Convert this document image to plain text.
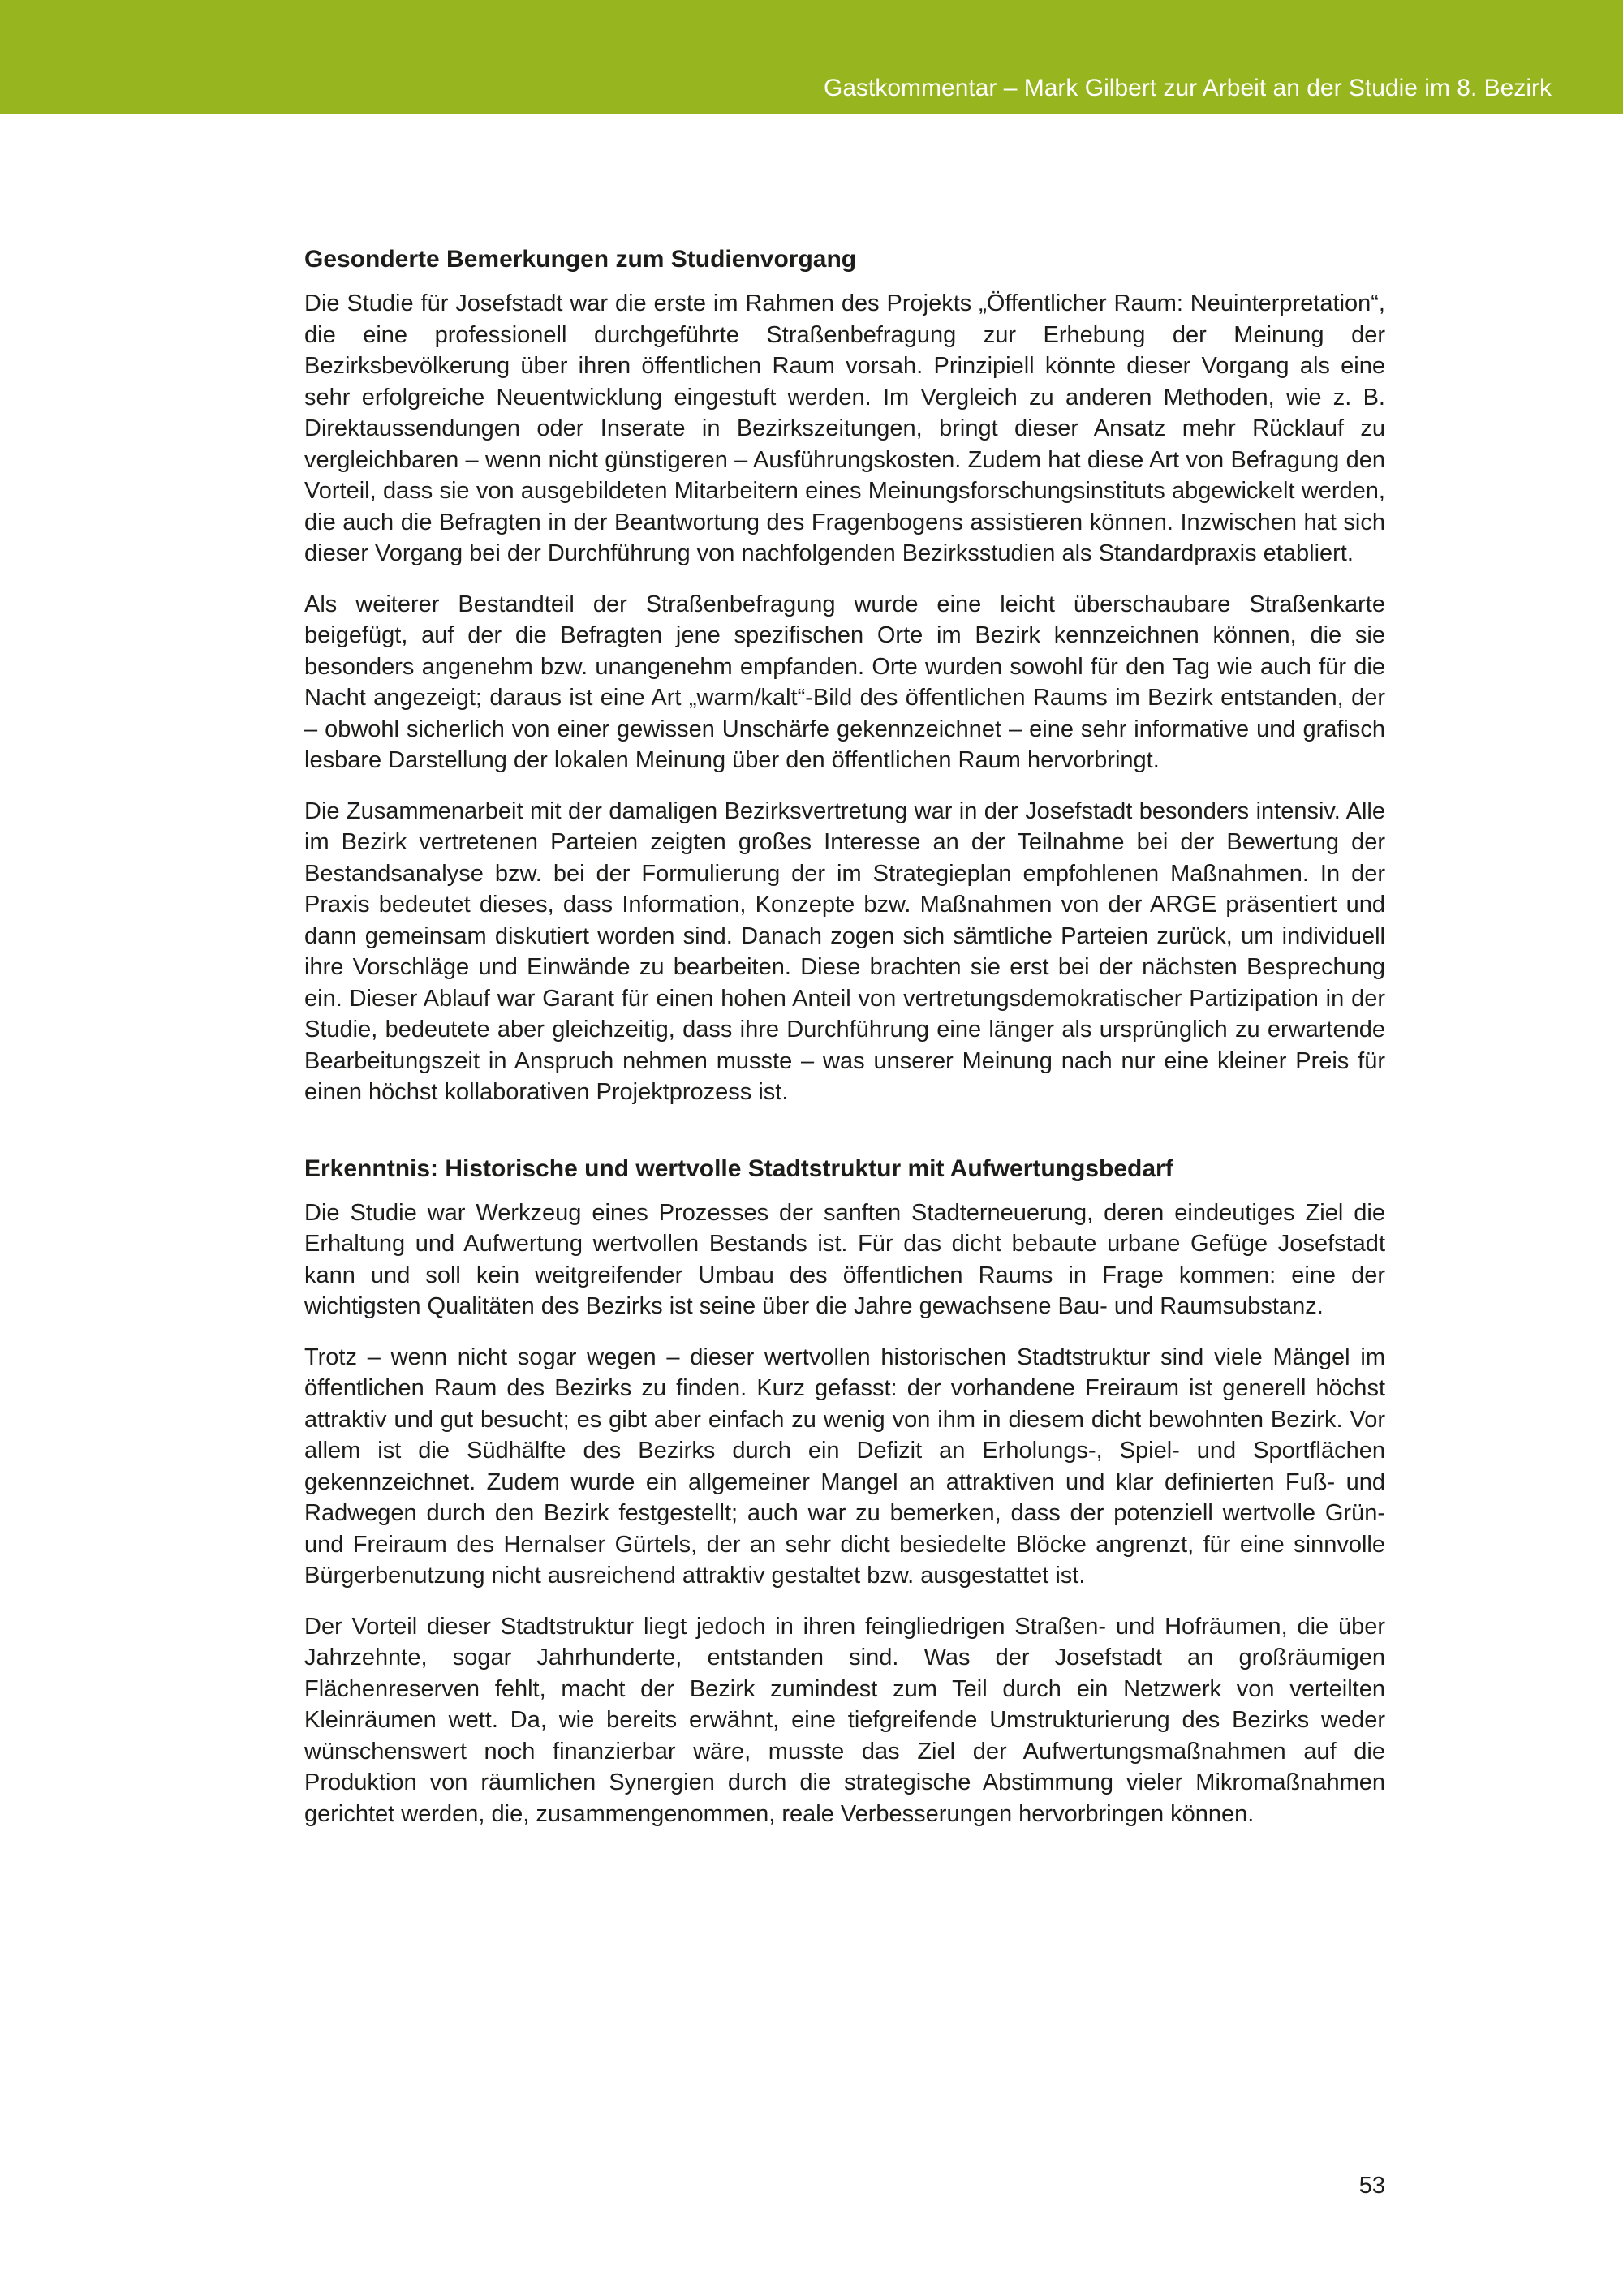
Gastkommentar – Mark Gilbert zur Arbeit an der Studie im 8. Bezirk
Gesonderte Bemerkungen zum Studienvorgang

Die Studie für Josefstadt war die erste im Rahmen des Projekts „Öffentlicher Raum: Neuinterpretation“, die eine professionell durchgeführte Straßenbefragung zur Erhebung der Meinung der Bezirksbevölkerung über ihren öffentlichen Raum vorsah. Prinzipiell könnte dieser Vorgang als eine sehr erfolgreiche Neuentwicklung eingestuft werden. Im Vergleich zu anderen Methoden, wie z. B. Direktaussendungen oder Inserate in Bezirkszeitungen, bringt dieser Ansatz mehr Rücklauf zu vergleichbaren – wenn nicht günstigeren – Ausführungskosten. Zudem hat diese Art von Befragung den Vorteil, dass sie von ausgebildeten Mitarbeitern eines Meinungsforschungsinstituts abgewickelt werden, die auch die Befragten in der Beantwortung des Fragenbogens assistieren können. Inzwischen hat sich dieser Vorgang bei der Durchführung von nachfolgenden Bezirksstudien als Standardpraxis etabliert.

Als weiterer Bestandteil der Straßenbefragung wurde eine leicht überschaubare Straßenkarte beigefügt, auf der die Befragten jene spezifischen Orte im Bezirk kennzeichnen können, die sie besonders angenehm bzw. unangenehm empfanden. Orte wurden sowohl für den Tag wie auch für die Nacht angezeigt; daraus ist eine Art „warm/kalt“-Bild des öffentlichen Raums im Bezirk entstanden, der – obwohl sicherlich von einer gewissen Unschärfe gekennzeichnet – eine sehr informative und grafisch lesbare Darstellung der lokalen Meinung über den öffentlichen Raum hervorbringt.

Die Zusammenarbeit mit der damaligen Bezirksvertretung war in der Josefstadt besonders intensiv. Alle im Bezirk vertretenen Parteien zeigten großes Interesse an der Teilnahme bei der Bewertung der Bestandsanalyse bzw. bei der Formulierung der im Strategieplan empfohlenen Maßnahmen. In der Praxis bedeutet dieses, dass Information, Konzepte bzw. Maßnahmen von der ARGE präsentiert und dann gemeinsam diskutiert worden sind. Danach zogen sich sämtliche Parteien zurück, um individuell ihre Vorschläge und Einwände zu bearbeiten. Diese brachten sie erst bei der nächsten Besprechung ein. Dieser Ablauf war Garant für einen hohen Anteil von vertretungsdemokratischer Partizipation in der Studie, bedeutete aber gleichzeitig, dass ihre Durchführung eine länger als ursprünglich zu erwartende Bearbeitungszeit in Anspruch nehmen musste – was unserer Meinung nach nur eine kleiner Preis für einen höchst kollaborativen Projektprozess ist.

Erkenntnis: Historische und wertvolle Stadtstruktur mit Aufwertungsbedarf

Die Studie war Werkzeug eines Prozesses der sanften Stadterneuerung, deren eindeutiges Ziel die Erhaltung und Aufwertung wertvollen Bestands ist. Für das dicht bebaute urbane Gefüge Josefstadt kann und soll kein weitgreifender Umbau des öffentlichen Raums in Frage kommen: eine der wichtigsten Qualitäten des Bezirks ist seine über die Jahre gewachsene Bau- und Raumsubstanz.

Trotz – wenn nicht sogar wegen – dieser wertvollen historischen Stadtstruktur sind viele Mängel im öffentlichen Raum des Bezirks zu finden. Kurz gefasst: der vorhandene Freiraum ist generell höchst attraktiv und gut besucht; es gibt aber einfach zu wenig von ihm in diesem dicht bewohnten Bezirk. Vor allem ist die Südhälfte des Bezirks durch ein Defizit an Erholungs-, Spiel- und Sportflächen gekennzeichnet. Zudem wurde ein allgemeiner Mangel an attraktiven und klar definierten Fuß- und Radwegen durch den Bezirk festgestellt; auch war zu bemerken, dass der potenziell wertvolle Grün- und Freiraum des Hernalser Gürtels, der an sehr dicht besiedelte Blöcke angrenzt, für eine sinnvolle Bürgerbenutzung nicht ausreichend attraktiv gestaltet bzw. ausgestattet ist.

Der Vorteil dieser Stadtstruktur liegt jedoch in ihren feingliedrigen Straßen- und Hofräumen, die über Jahrzehnte, sogar Jahrhunderte, entstanden sind. Was der Josefstadt an großräumigen Flächenreserven fehlt, macht der Bezirk zumindest zum Teil durch ein Netzwerk von verteilten Kleinräumen wett. Da, wie bereits erwähnt, eine tiefgreifende Umstrukturierung des Bezirks weder wünschenswert noch finanzierbar wäre, musste das Ziel der Aufwertungsmaßnahmen auf die Produktion von räumlichen Synergien durch die strategische Abstimmung vieler Mikromaßnahmen gerichtet werden, die, zusammengenommen, reale Verbesserungen hervorbringen können.

53
